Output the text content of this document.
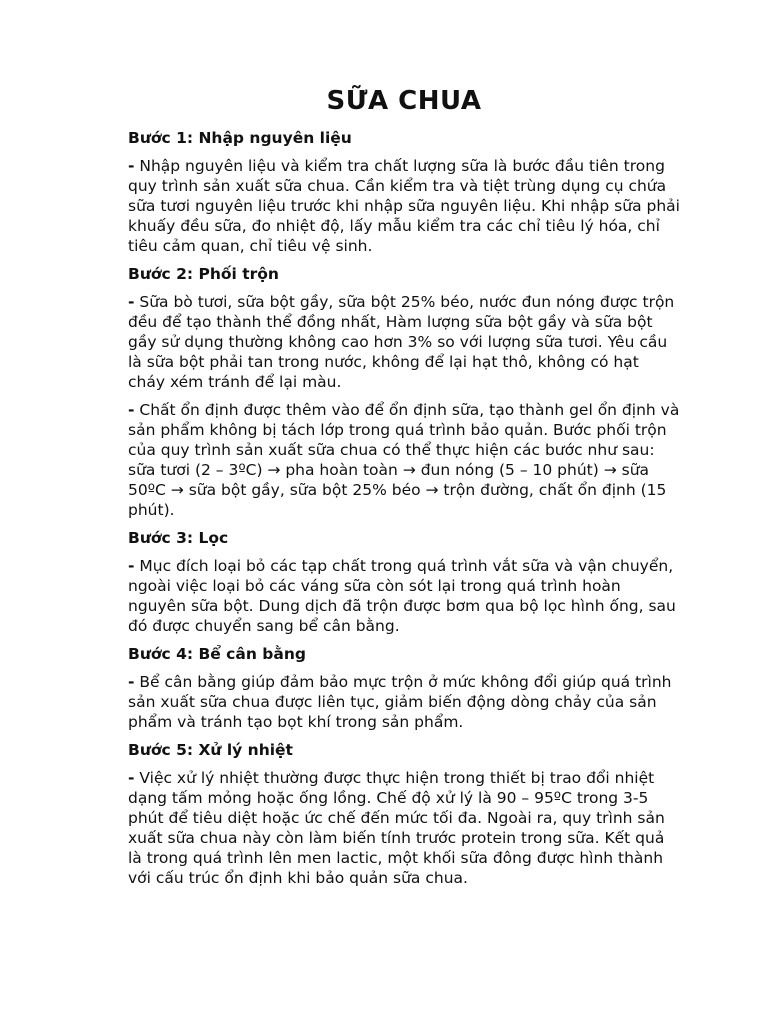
SỮA CHUA
Bước 1: Nhập nguyên liệu
- Nhập nguyên liệu và kiểm tra chất lượng sữa là bước đầu tiên trong quy trình sản xuất sữa chua. Cần kiểm tra và tiệt trùng dụng cụ chứa sữa tươi nguyên liệu trước khi nhập sữa nguyên liệu. Khi nhập sữa phải khuấy đều sữa, đo nhiệt độ, lấy mẫu kiểm tra các chỉ tiêu lý hóa, chỉ tiêu cảm quan, chỉ tiêu vệ sinh.
Bước 2: Phối trộn
- Sữa bò tươi, sữa bột gầy, sữa bột 25% béo, nước đun nóng được trộn đều để tạo thành thể đồng nhất, Hàm lượng sữa bột gầy và sữa bột gầy sử dụng thường không cao hơn 3% so với lượng sữa tươi. Yêu cầu là sữa bột phải tan trong nước, không để lại hạt thô, không có hạt cháy xém tránh để lại màu.
- Chất ổn định được thêm vào để ổn định sữa, tạo thành gel ổn định và sản phẩm không bị tách lớp trong quá trình bảo quản. Bước phối trộn của quy trình sản xuất sữa chua có thể thực hiện các bước như sau: sữa tươi (2 – 3ºC) → pha hoàn toàn → đun nóng (5 – 10 phút) → sữa 50ºC → sữa bột gầy, sữa bột 25% béo → trộn đường, chất ổn định (15 phút).
Bước 3: Lọc
- Mục đích loại bỏ các tạp chất trong quá trình vắt sữa và vận chuyển, ngoài việc loại bỏ các váng sữa còn sót lại trong quá trình hoàn nguyên sữa bột. Dung dịch đã trộn được bơm qua bộ lọc hình ống, sau đó được chuyển sang bể cân bằng.
Bước 4: Bể cân bằng
- Bể cân bằng giúp đảm bảo mực trộn ở mức không đổi giúp quá trình sản xuất sữa chua được liên tục, giảm biến động dòng chảy của sản phẩm và tránh tạo bọt khí trong sản phẩm.
Bước 5: Xử lý nhiệt
- Việc xử lý nhiệt thường được thực hiện trong thiết bị trao đổi nhiệt dạng tấm mỏng hoặc ống lồng. Chế độ xử lý là 90 – 95ºC trong 3-5 phút để tiêu diệt hoặc ức chế đến mức tối đa. Ngoài ra, quy trình sản xuất sữa chua này còn làm biến tính trước protein trong sữa. Kết quả là trong quá trình lên men lactic, một khối sữa đông được hình thành với cấu trúc ổn định khi bảo quản sữa chua.
